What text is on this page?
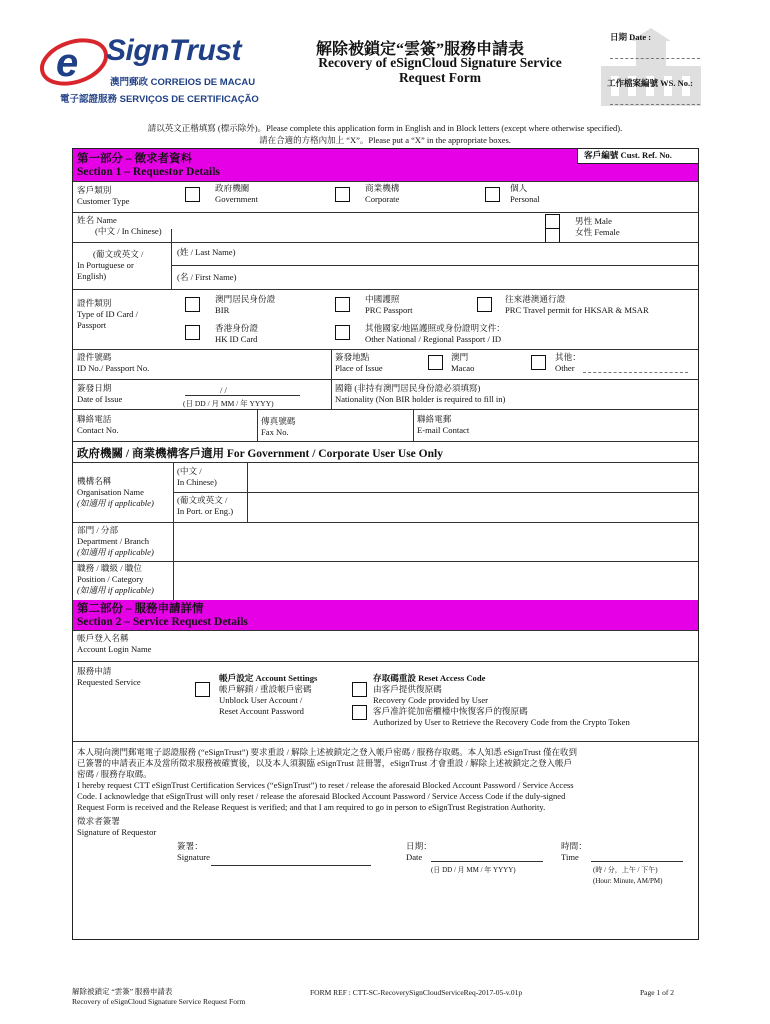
e SignTrust
澳門郵政 CORREIOS DE MACAU
電子認證服務 SERVIÇOS DE CERTIFICAÇÃO
解除被鎖定“雲簽”服務申請表
Recovery of eSignCloud Signature Service
Request Form
日期 Date :
工作檔案編號 WS. No.:
請以英文正楷填寫 (標示除外)。Please complete this application form in English and in Block letters (except where otherwise specified).
請在合適的方格內加上 “X”。Please put a “X” in the appropriate boxes.
第一部分 – 徵求者資料
Section 1 – Requestor Details
客戶編號 Cust. Ref. No.
客戶類別
Customer Type
政府機關
Government
商業機構
Corporate
個人
Personal
姓名 Name
(中文 / In Chinese)
男性 Male
女性 Female
(葡文或英文 /
In Portuguese or
English)
(姓 / Last Name)
(名 / First Name)
證件類別
Type of ID Card /
Passport
澳門居民身份證
BIR
中國護照
PRC Passport
往來港澳通行證
PRC Travel permit for HKSAR & MSAR
香港身份證
HK ID Card
其他國家/地區護照或身份證明文件：
Other National / Regional Passport / ID
證件號碼
ID No./ Passport No.
簽發地點
Place of Issue
澳門
Macao
其他：
Other
簽發日期
Date of Issue
/ /
(日 DD / 月 MM / 年 YYYY)
國籍 (非持有澳門居民身份證必須填寫)
Nationality (Non BIR holder is required to fill in)
聯絡電話
Contact No.
傳真號碼
Fax No.
聯絡電郵
E-mail Contact
政府機關 / 商業機構客戶適用 For Government / Corporate User Use Only
機構名稱
Organisation Name
(如適用 if applicable)
(中文 /
In Chinese)
(葡文或英文 /
In Port. or Eng.)
部門 / 分部
Department / Branch
(如適用 if applicable)
職務 / 職級 / 職位
Position / Category
(如適用 if applicable)
第二部份 – 服務申請詳情
Section 2 – Service Request Details
帳戶登入名稱
Account Login Name
服務申請
Requested Service	帳戶設定 Account Settings
帳戶解鎖 / 重設帳戶密碼
Unblock User Account /
Reset Account Password
存取碼重設 Reset Access Code
由客戶提供復原碼
Recovery Code provided by User
客戶准許從加密櫃檯中恢復客戶的復原碼
Authorized by User to Retrieve the Recovery Code from the Crypto Token
本人現向澳門郵電電子認證服務 (“eSignTrust”) 要求重設 / 解除上述被鎖定之登入帳戶密碼 / 服務存取碼。本人知悉 eSignTrust 僅在收到
已簽署的申請表正本及當所徵求服務被確實後，以及本人須親臨 eSignTrust 註冊署，eSignTrust 才會重設 / 解除上述被鎖定之登入帳戶
密碼 / 服務存取碼。
I hereby request CTT eSignTrust Certification Services (“eSignTrust”) to reset / release the aforesaid Blocked Account Password / Service Access
Code. I acknowledge that eSignTrust will only reset / release the aforesaid Blocked Account Password / Service Access Code if the duly-signed
Request Form is received and the Release Request is verified; and that I am required to go in person to eSignTrust Registration Authority.
徵求者簽署
Signature of Requestor
簽署：
Signature
日期：
Date
(日 DD / 月 MM / 年 YYYY)
時間：
Time
(時 / 分，上午 / 下午)
(Hour: Minute, AM/PM)
解除被鎖定 “雲簽” 服務申請表
Recovery of eSignCloud Signature Service Request Form
FORM REF : CTT-SC-RecoverySignCloudServiceReq-2017-05-v.01p	Page 1 of 2
